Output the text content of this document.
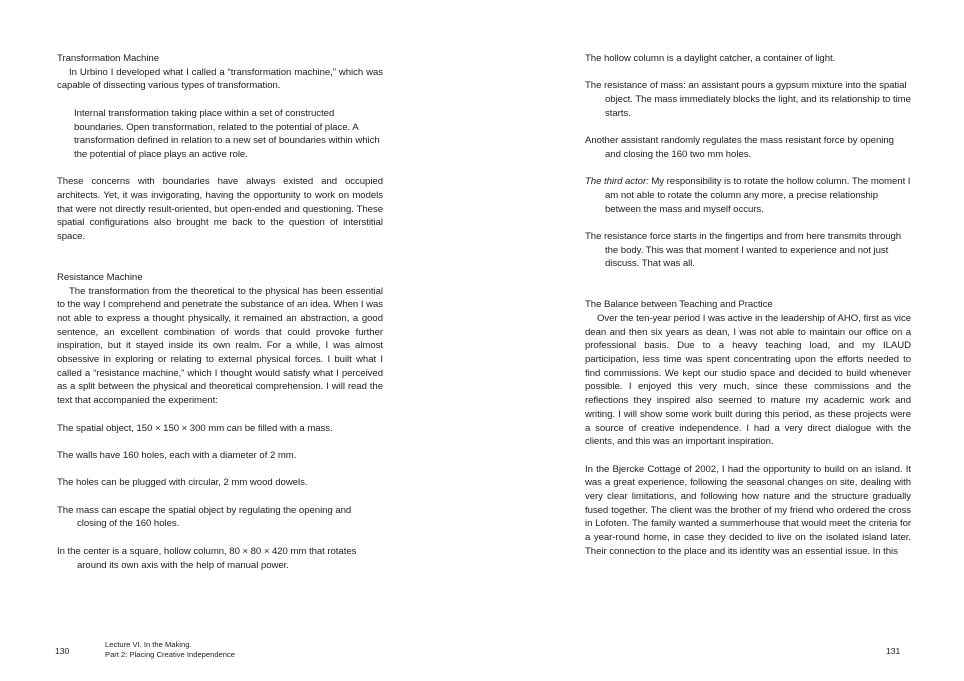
Transformation Machine

In Urbino I developed what I called a “transformation machine,” which was capable of dissecting various types of transformation.

Internal transformation taking place within a set of constructed boundaries. Open transformation, related to the potential of place. A transformation defined in relation to a new set of boundaries within which the potential of place plays an active role.

These concerns with boundaries have always existed and occupied architects. Yet, it was invigorating, having the opportunity to work on models that were not directly result-oriented, but open-ended and questioning. These spatial configurations also brought me back to the question of interstitial space.

Resistance Machine

The transformation from the theoretical to the physical has been essential to the way I comprehend and penetrate the substance of an idea. When I was not able to express a thought physically, it remained an abstraction, a good sentence, an excellent combination of words that could provoke further inspiration, but it stayed inside its own realm. For a while, I was almost obsessive in exploring or relating to external physical forces. I built what I called a “resistance machine,” which I thought would satisfy what I perceived as a split between the physical and theoretical comprehension. I will read the text that accompanied the experiment:

The spatial object, 150 × 150 × 300 mm can be filled with a mass.

The walls have 160 holes, each with a diameter of 2 mm.

The holes can be plugged with circular, 2 mm wood dowels.

The mass can escape the spatial object by regulating the opening and closing of the 160 holes.

In the center is a square, hollow column, 80 × 80 × 420 mm that rotates around its own axis with the help of manual power.

The hollow column is a daylight catcher, a container of light.

The resistance of mass: an assistant pours a gypsum mixture into the spatial object. The mass immediately blocks the light, and its relationship to time starts.

Another assistant randomly regulates the mass resistant force by opening and closing the 160 two mm holes.

The third actor: My responsibility is to rotate the hollow column. The moment I am not able to rotate the column any more, a precise relationship between the mass and myself occurs.

The resistance force starts in the fingertips and from here transmits through the body. This was that moment I wanted to experience and not just discuss. That was all.

The Balance between Teaching and Practice

Over the ten-year period I was active in the leadership of AHO, first as vice dean and then six years as dean, I was not able to maintain our office on a professional basis. Due to a heavy teaching load, and my ILAUD participation, less time was spent concentrating upon the efforts needed to find commissions. We kept our studio space and decided to build whenever possible. I enjoyed this very much, since these commissions and the reflections they inspired also seemed to mature my academic work and writing. I will show some work built during this period, as these projects were a source of creative independence. I had a very direct dialogue with the clients, and this was an important inspiration.

In the Bjercke Cottage of 2002, I had the opportunity to build on an island. It was a great experience, following the seasonal changes on site, dealing with very clear limitations, and following how nature and the structure gradually fused together. The client was the brother of my friend who ordered the cross in Lofoten. The family wanted a summerhouse that would meet the criteria for a year-round home, in case they decided to live on the isolated island later. Their connection to the place and its identity was an essential issue. In this

130
Lecture VI. In the Making.
Part 2: Placing Creative Independence	131
